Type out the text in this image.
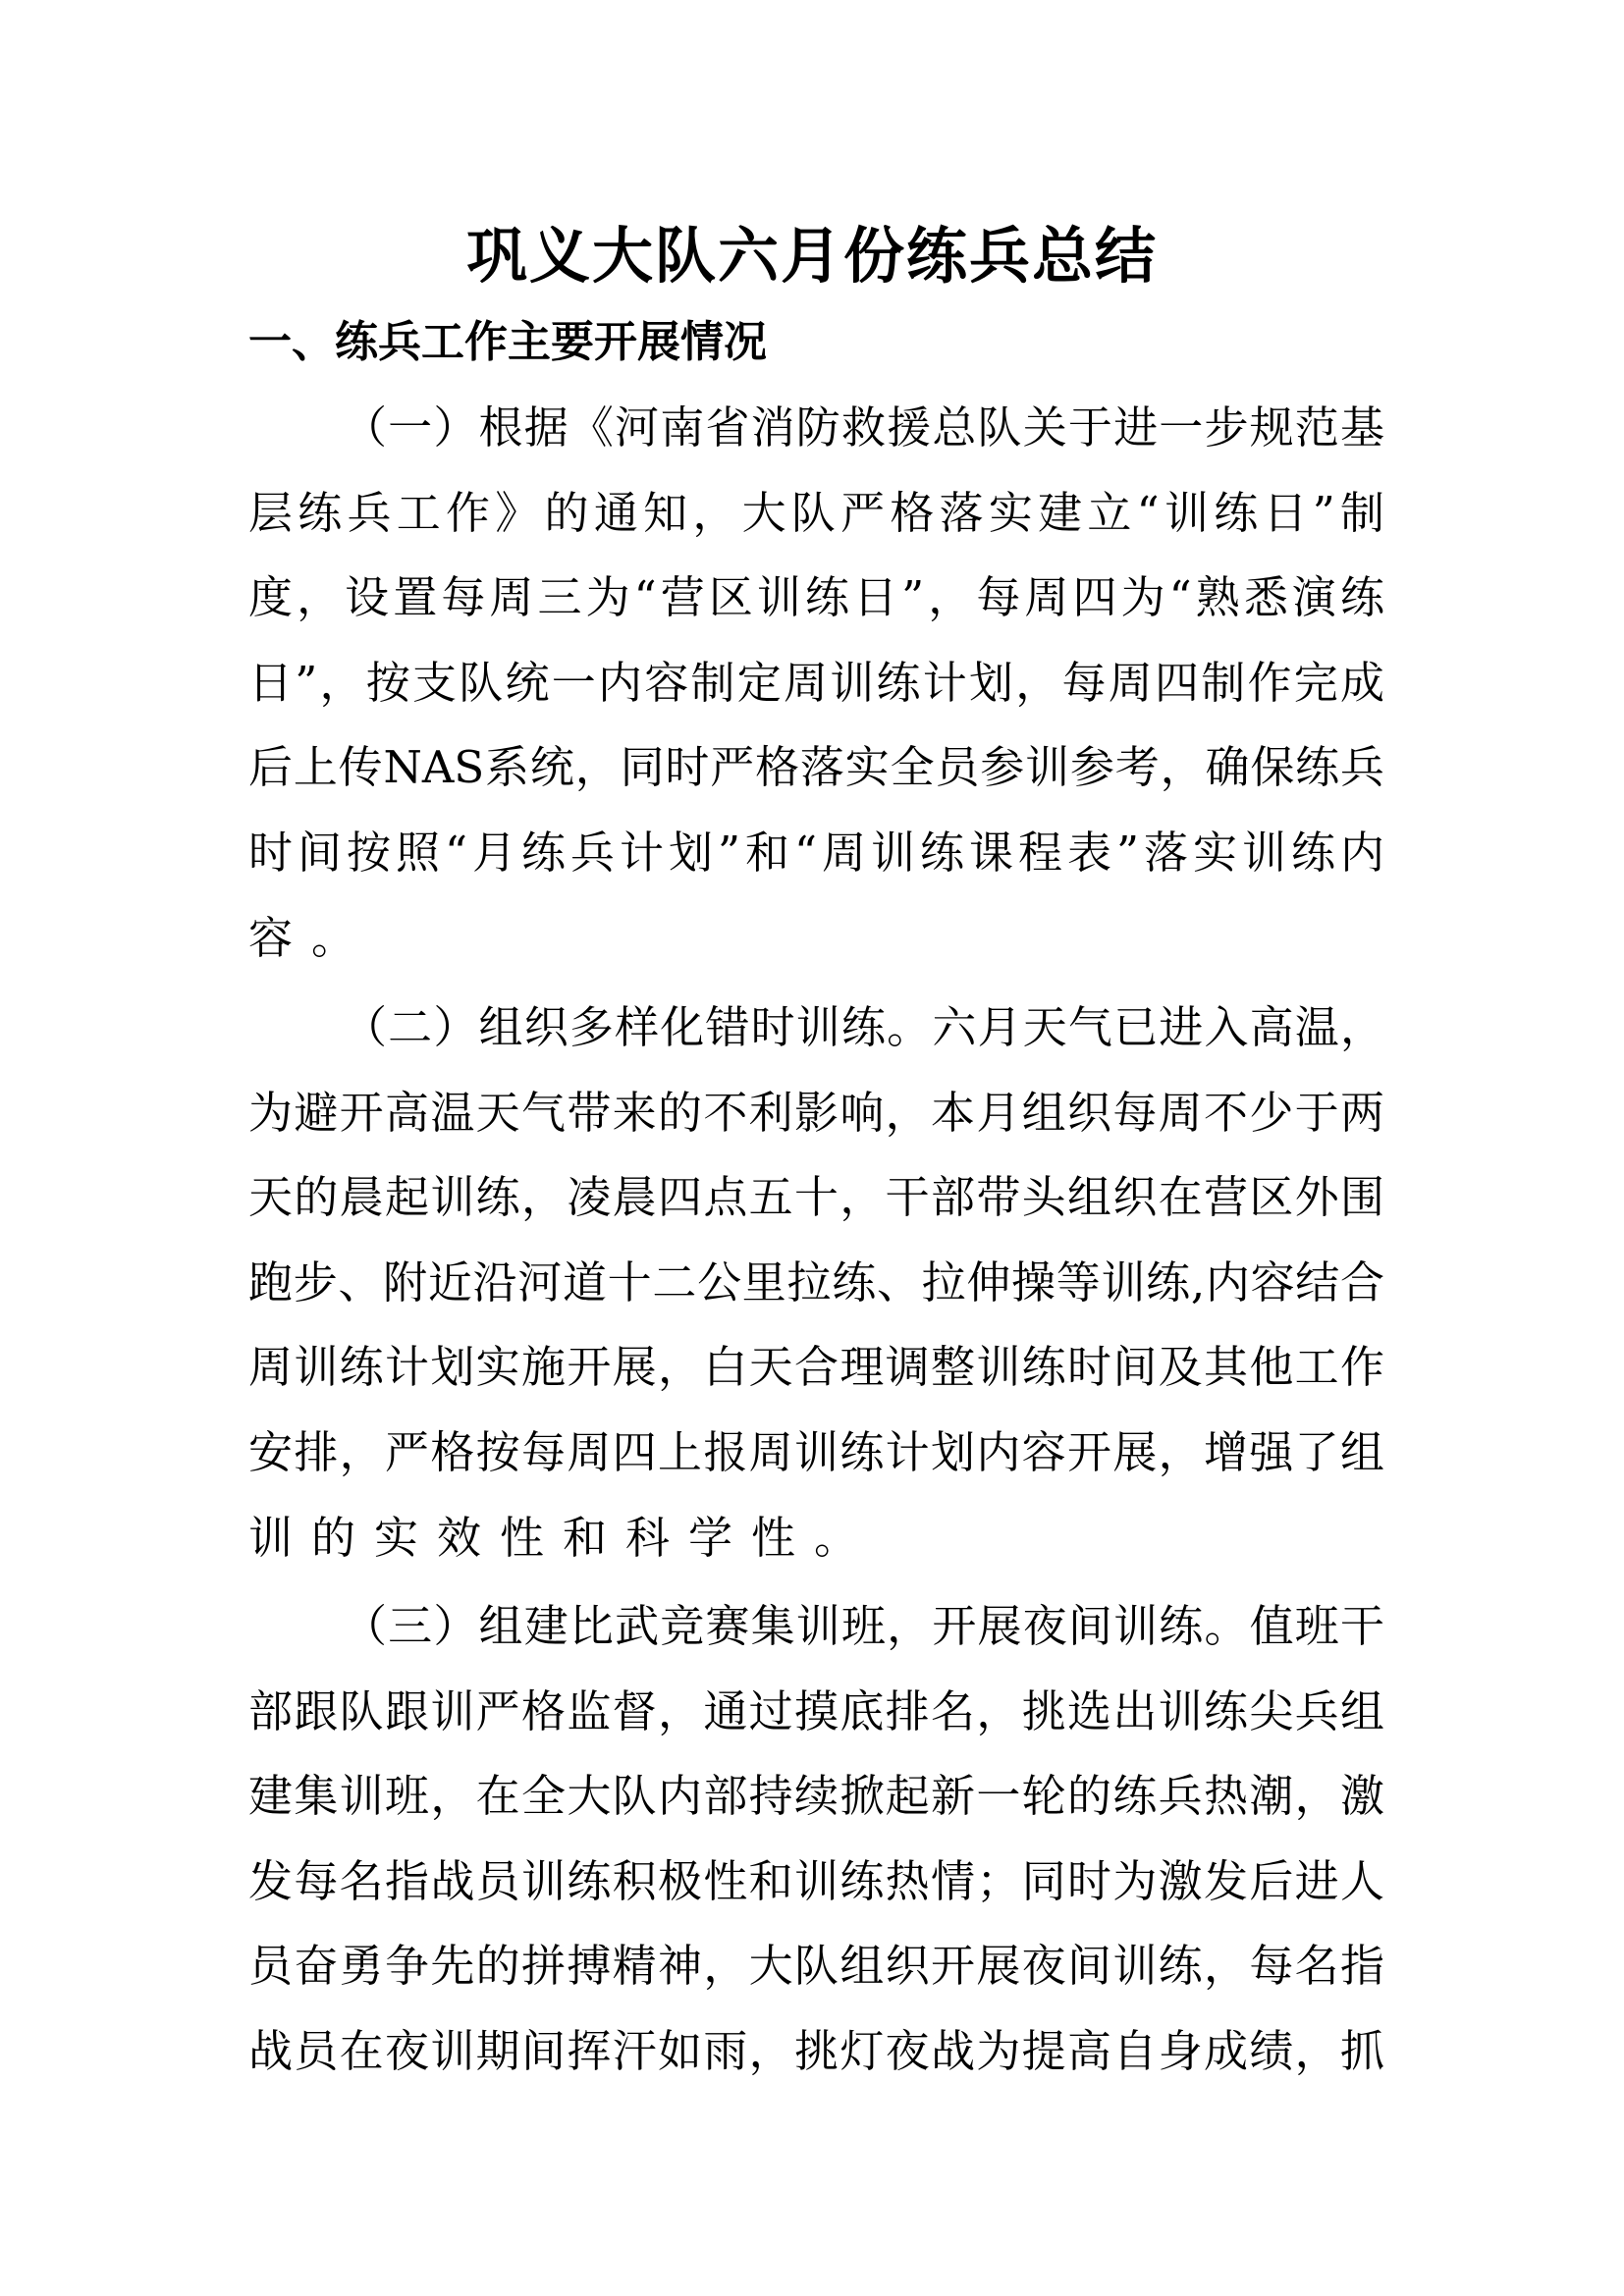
巩义大队六月份练兵总结
一、练兵工作主要开展情况
（一）根据《河南省消防救援总队关于进一步规范基
层练兵工作》的通知，大队严格落实建立“训练日”制
度，设置每周三为“营区训练日”，每周四为“熟悉演练
日”，按支队统一内容制定周训练计划，每周四制作完成
后上传NAS系统，同时严格落实全员参训参考，确保练兵
时间按照“月练兵计划”和“周训练课程表”落实训练内
容。
（二）组织多样化错时训练。六月天气已进入高温，
为避开高温天气带来的不利影响，本月组织每周不少于两
天的晨起训练，凌晨四点五十，干部带头组织在营区外围
跑步、附近沿河道十二公里拉练、拉伸操等训练,内容结合
周训练计划实施开展，白天合理调整训练时间及其他工作
安排，严格按每周四上报周训练计划内容开展，增强了组
训的实效性和科学性。
（三）组建比武竞赛集训班，开展夜间训练。值班干
部跟队跟训严格监督，通过摸底排名，挑选出训练尖兵组
建集训班，在全大队内部持续掀起新一轮的练兵热潮，激
发每名指战员训练积极性和训练热情；同时为激发后进人
员奋勇争先的拼搏精神，大队组织开展夜间训练，每名指
战员在夜训期间挥汗如雨，挑灯夜战为提高自身成绩，抓
